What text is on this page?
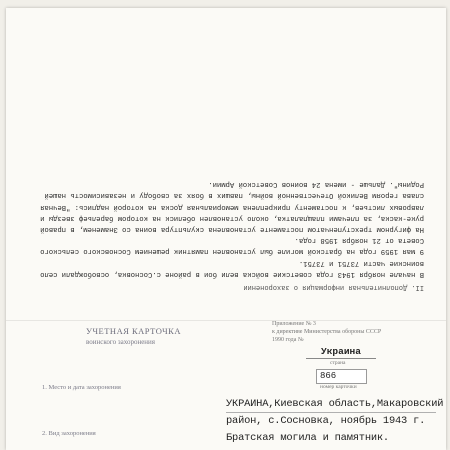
II. Дополнительная информация о захоронении

В начале ноября 1943 года советские войска вели бои в районе с.Сосновка, освобождали село воинские части 73751 и 73751.

9 мая 1959 года на братской могиле был установлен памятник решением Сосновского сельского Совета от 21 ноября 1958 года.

На фигурном трехступенчатом постаменте установлена скульптура воина со Знаменем, в правой руке-каска, за плечами плащпалатка, около установлен обелиск на котором барельеф звезды и лавровых листьев, к постаменту прикреплена мемориальная доска на которой надпись: "Вечная слава героям Великой Отечественной войны, павших в боях за свободу и независимость нашей Родины". Дальше - имена 24 воинов Советской Армии.

УЧЕТНАЯ КАРТОЧКА
воинского захоронения
Приложение № 3
к директиве Министерства обороны СССР
1990 года №
Украина
страна
866
номер карточки
1. Место и дата захоронения
УКРАИНА,Киевская область,Макаровский
район, с.Сосновка, ноябрь 1943 г.
2. Вид захоронения	Братская могила и памятник.
